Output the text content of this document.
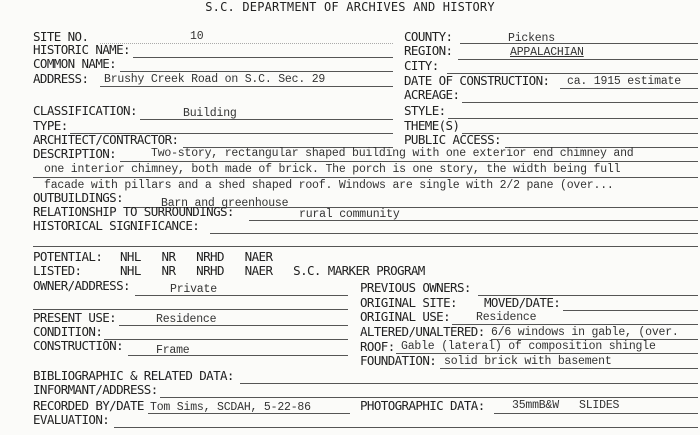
S.C. DEPARTMENT OF ARCHIVES AND HISTORY
SITE NO.	10	COUNTY:	Pickens
HISTORIC NAME:	REGION:	APPALACHIAN
COMMON NAME:	CITY:
ADDRESS: Brushy Creek Road on S.C. Sec. 29	DATE OF CONSTRUCTION: ca. 1915 estimate
ACREAGE:
CLASSIFICATION:	Building	STYLE:
TYPE:	THEME(S)
ARCHITECT/CONTRACTOR:	PUBLIC ACCESS:
DESCRIPTION:	Two-story, rectangular shaped building with one exterior end chimney and
one interior chimney, both made of brick. The porch is one story, the width being full
facade with pillars and a shed shaped roof. Windows are single with 2/2 pane (over...
OUTBUILDINGS:	Barn and greenhouse
RELATIONSHIP TO SURROUNDINGS:	rural community
HISTORICAL SIGNIFICANCE:
POTENTIAL: NHL   NR   NRHD   NAER
LISTED:	NHL   NR   NRHD   NAER   S.C. MARKER PROGRAM
OWNER/ADDRESS:	Private	PREVIOUS OWNERS:
ORIGINAL SITE: MOVED/DATE:
PRESENT USE:	Residence	ORIGINAL USE: Residence
CONDITION:	ALTERED/UNALTERED: 6/6 windows in gable, (over.
CONSTRUCTION:	Frame	ROOF: Gable (lateral) of composition shingle
FOUNDATION: solid brick with basement
BIBLIOGRAPHIC & RELATED DATA:
INFORMANT/ADDRESS:
RECORDED BY/DATE Tom Sims, SCDAH, 5-22-86	PHOTOGRAPHIC DATA: 35mmB&W   SLIDES
EVALUATION:
